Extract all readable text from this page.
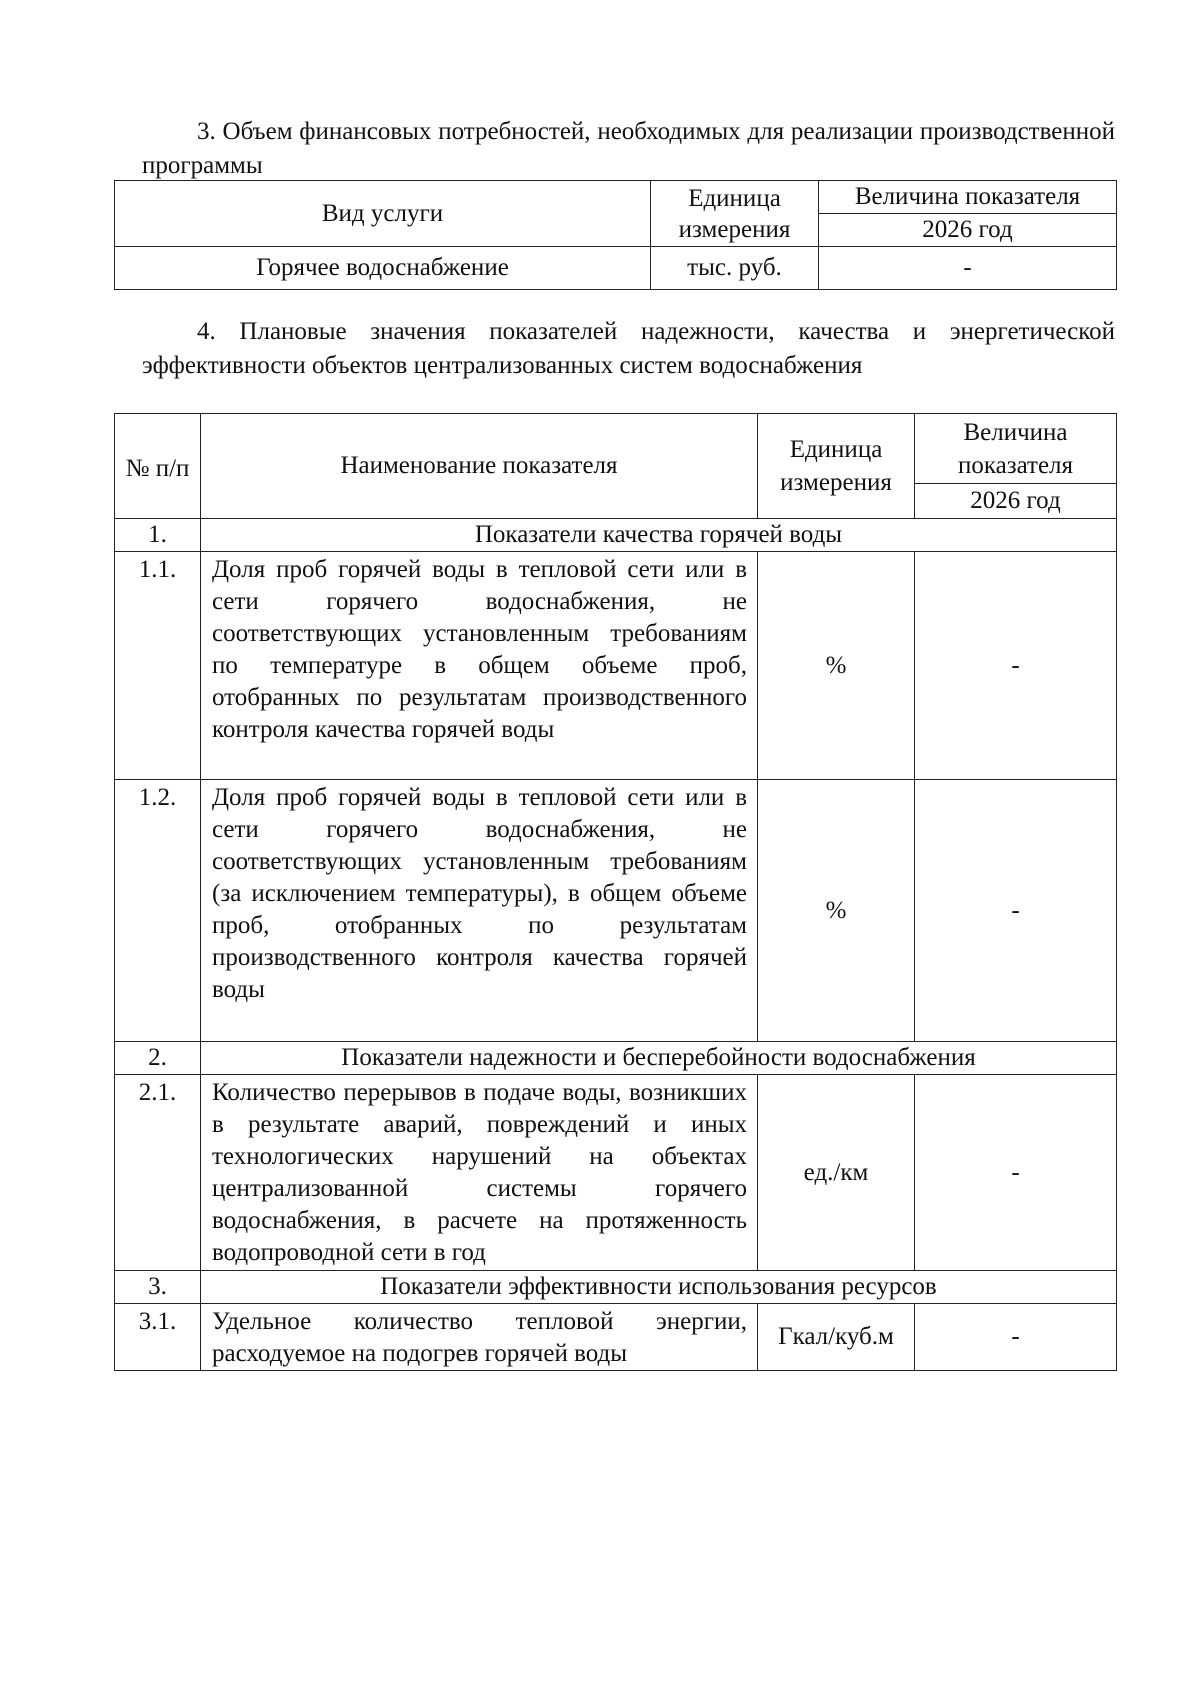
3. Объем финансовых потребностей, необходимых для реализации производственной программы
Вид услуги	Единица измерения	Величина показателя
		2026 год
Горячее водоснабжение	тыс. руб.	-
4. Плановые значения показателей надежности, качества и энергетической эффективности объектов централизованных систем водоснабжения
№ п/п	Наименование показателя	Единица измерения	Величина показателя
			2026 год
1.	Показатели качества горячей воды		
1.1.	Доля проб горячей воды в тепловой сети или в сети горячего водоснабжения, не соответствующих установленным требованиям по температуре в общем объеме проб, отобранных по результатам производственного контроля качества горячей воды	%	-
1.2.	Доля проб горячей воды в тепловой сети или в сети горячего водоснабжения, не соответствующих установленным требованиям (за исключением температуры), в общем объеме проб, отобранных по результатам производственного контроля качества горячей воды	%	-
2.	Показатели надежности и бесперебойности водоснабжения		
2.1.	Количество перерывов в подаче воды, возникших в результате аварий, повреждений и иных технологических нарушений на объектах централизованной системы горячего водоснабжения, в расчете на протяженность водопроводной сети в год	ед./км	-
3.	Показатели эффективности использования ресурсов		
3.1.	Удельное количество тепловой энергии, расходуемое на подогрев горячей воды	Гкал/куб.м	-
